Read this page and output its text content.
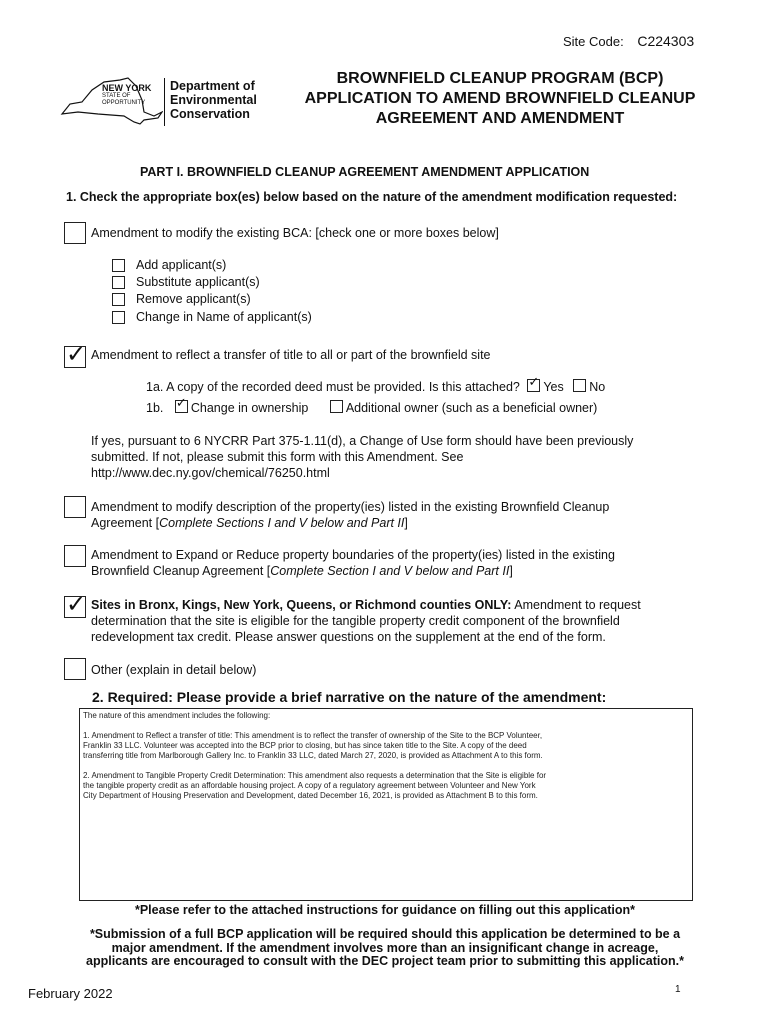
Site Code: C224303
NEW YORK
STATE OF
OPPORTUNITY
Department of
Environmental
Conservation
BROWNFIELD CLEANUP PROGRAM (BCP)
APPLICATION TO AMEND BROWNFIELD CLEANUP
AGREEMENT AND AMENDMENT
PART I. BROWNFIELD CLEANUP AGREEMENT AMENDMENT APPLICATION
1. Check the appropriate box(es) below based on the nature of the amendment modification requested:
Amendment to modify the existing BCA: [check one or more boxes below]
Add applicant(s)
Substitute applicant(s)
Remove applicant(s)
Change in Name of applicant(s)
✓ Amendment to reflect a transfer of title to all or part of the brownfield site
1a. A copy of the recorded deed must be provided. Is this attached? ✓ Yes No
1b. ✓ Change in ownership	Additional owner (such as a beneficial owner)
If yes, pursuant to 6 NYCRR Part 375-1.11(d), a Change of Use form should have been previously
submitted. If not, please submit this form with this Amendment. See
http://www.dec.ny.gov/chemical/76250.html
Amendment to modify description of the property(ies) listed in the existing Brownfield Cleanup
Agreement [Complete Sections I and V below and Part II]
Amendment to Expand or Reduce property boundaries of the property(ies) listed in the existing
Brownfield Cleanup Agreement [Complete Section I and V below and Part II]
✓ Sites in Bronx, Kings, New York, Queens, or Richmond counties ONLY: Amendment to request
determination that the site is eligible for the tangible property credit component of the brownfield
redevelopment tax credit. Please answer questions on the supplement at the end of the form.
Other (explain in detail below)
2. Required: Please provide a brief narrative on the nature of the amendment:
The nature of this amendment includes the following:
1. Amendment to Reflect a transfer of title: This amendment is to reflect the transfer of ownership of the Site to the BCP Volunteer,
Franklin 33 LLC. Volunteer was accepted into the BCP prior to closing, but has since taken title to the Site. A copy of the deed
transferring title from Marlborough Gallery Inc. to Franklin 33 LLC, dated March 27, 2020, is provided as Attachment A to this form.
2. Amendment to Tangible Property Credit Determination: This amendment also requests a determination that the Site is eligible for
the tangible property credit as an affordable housing project. A copy of a regulatory agreement between Volunteer and New York
City Department of Housing Preservation and Development, dated December 16, 2021, is provided as Attachment B to this form.
*Please refer to the attached instructions for guidance on filling out this application*
*Submission of a full BCP application will be required should this application be determined to be a
major amendment. If the amendment involves more than an insignificant change in acreage,
applicants are encouraged to consult with the DEC project team prior to submitting this application.*
February 2022	1
